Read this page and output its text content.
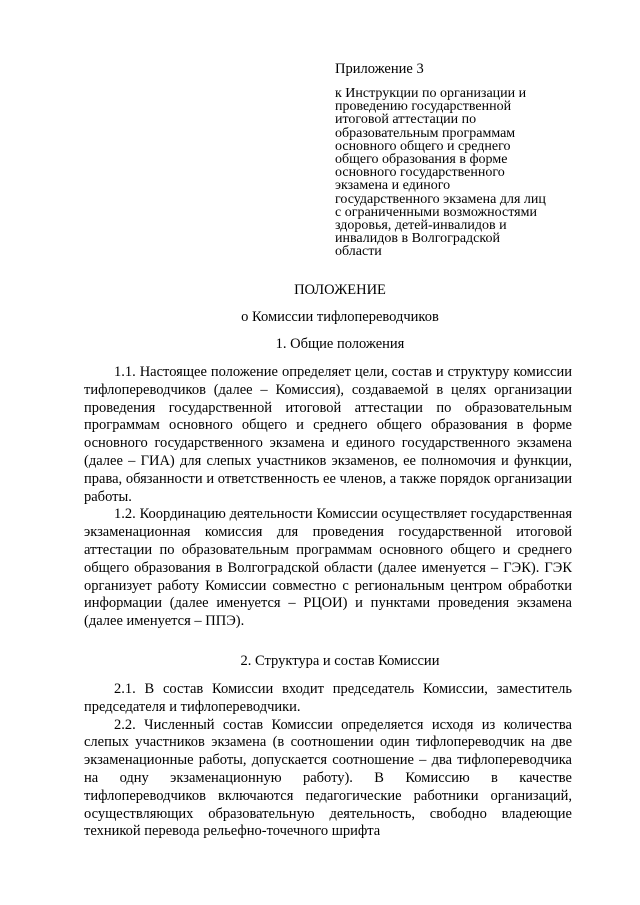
Приложение 3

к Инструкции по организации и
проведению государственной
итоговой аттестации по
образовательным программам
основного общего и среднего
общего образования в форме
основного государственного
экзамена и единого
государственного экзамена для лиц
с ограниченными возможностями
здоровья, детей-инвалидов и
инвалидов в Волгоградской
области

ПОЛОЖЕНИЕ

о Комиссии тифлопереводчиков

1. Общие положения

1.1. Настоящее положение определяет цели, состав и структуру комиссии тифлопереводчиков (далее – Комиссия), создаваемой в целях организации проведения государственной итоговой аттестации по образовательным программам основного общего и среднего общего образования в форме основного государственного экзамена и единого государственного экзамена (далее – ГИА) для слепых участников экзаменов, ее полномочия и функции, права, обязанности и ответственность ее членов, а также порядок организации работы.

1.2. Координацию деятельности Комиссии осуществляет государственная экзаменационная комиссия для проведения государственной итоговой аттестации по образовательным программам основного общего и среднего общего образования в Волгоградской области (далее именуется – ГЭК). ГЭК организует работу Комиссии совместно с региональным центром обработки информации (далее именуется – РЦОИ) и пунктами проведения экзамена (далее именуется – ППЭ).

2. Структура и состав Комиссии

2.1. В состав Комиссии входит председатель Комиссии, заместитель председателя и тифлопереводчики.

2.2. Численный состав Комиссии определяется исходя из количества слепых участников экзамена (в соотношении один тифлопереводчик на две экзаменационные работы, допускается соотношение – два тифлопереводчика на одну экзаменационную работу). В Комиссию в качестве тифлопереводчиков включаются педагогические работники организаций, осуществляющих образовательную деятельность, свободно владеющие техникой перевода рельефно-точечного шрифта
